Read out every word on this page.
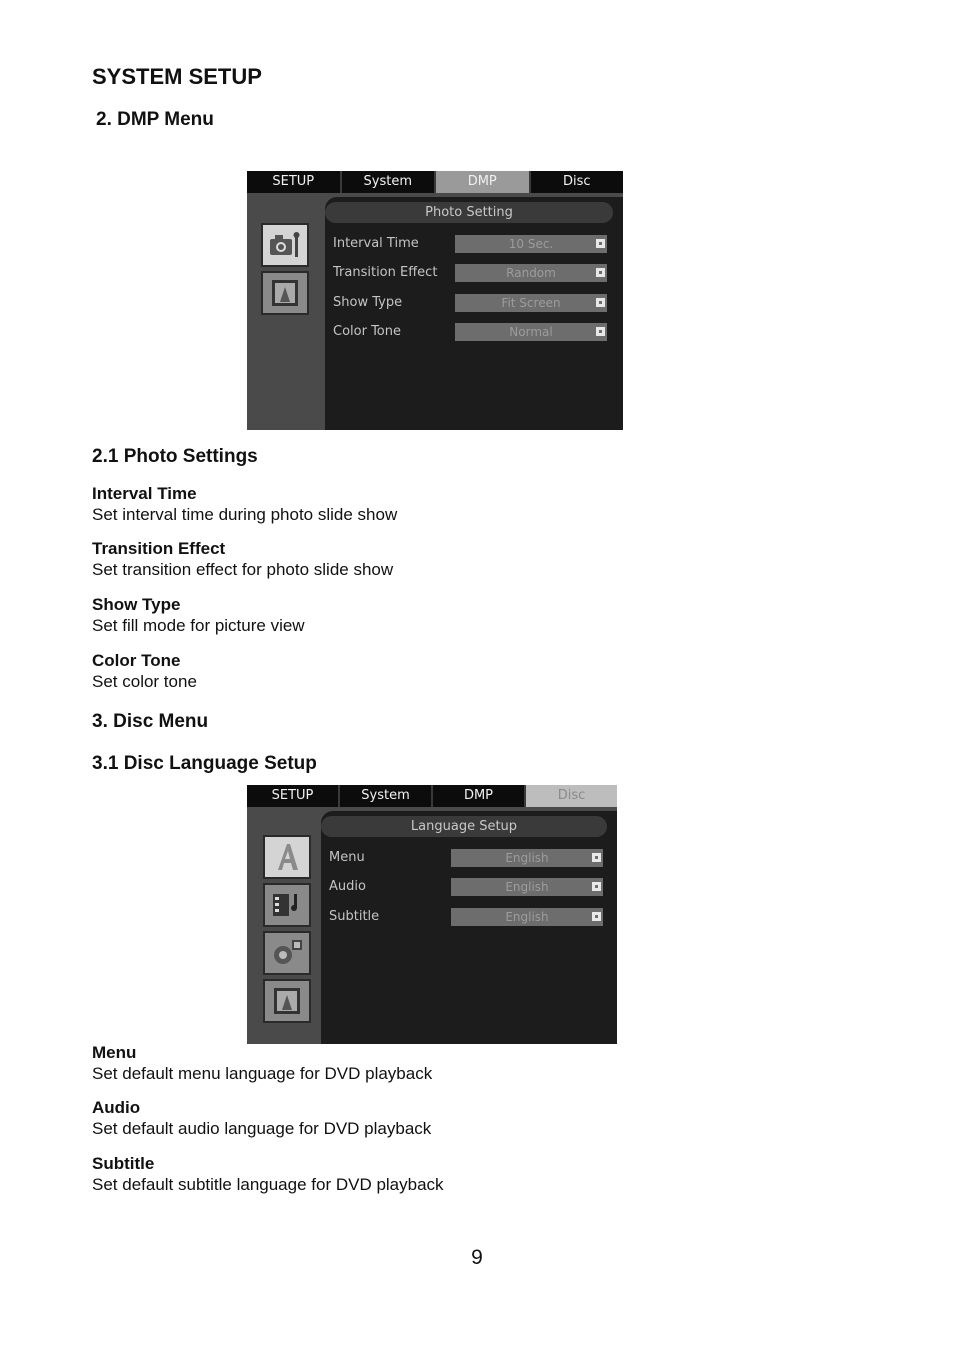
SYSTEM SETUP
2. DMP Menu
SETUP	System	DMP	Disc
Photo Setting
Interval Time	10 Sec.
Transition Effect	Random
Show Type	Fit Screen
Color Tone	Normal
2.1 Photo Settings
Interval Time
Set interval time during photo slide show
Transition Effect
Set transition effect for photo slide show
Show Type
Set fill mode for picture view
Color Tone
Set color tone
3. Disc Menu
3.1 Disc Language Setup
SETUP	System	DMP	Disc
Language Setup
Menu	English
Audio	English
Subtitle	English
Menu
Set default menu language for DVD playback
Audio
Set default audio language for DVD playback
Subtitle
Set default subtitle language for DVD playback
9
